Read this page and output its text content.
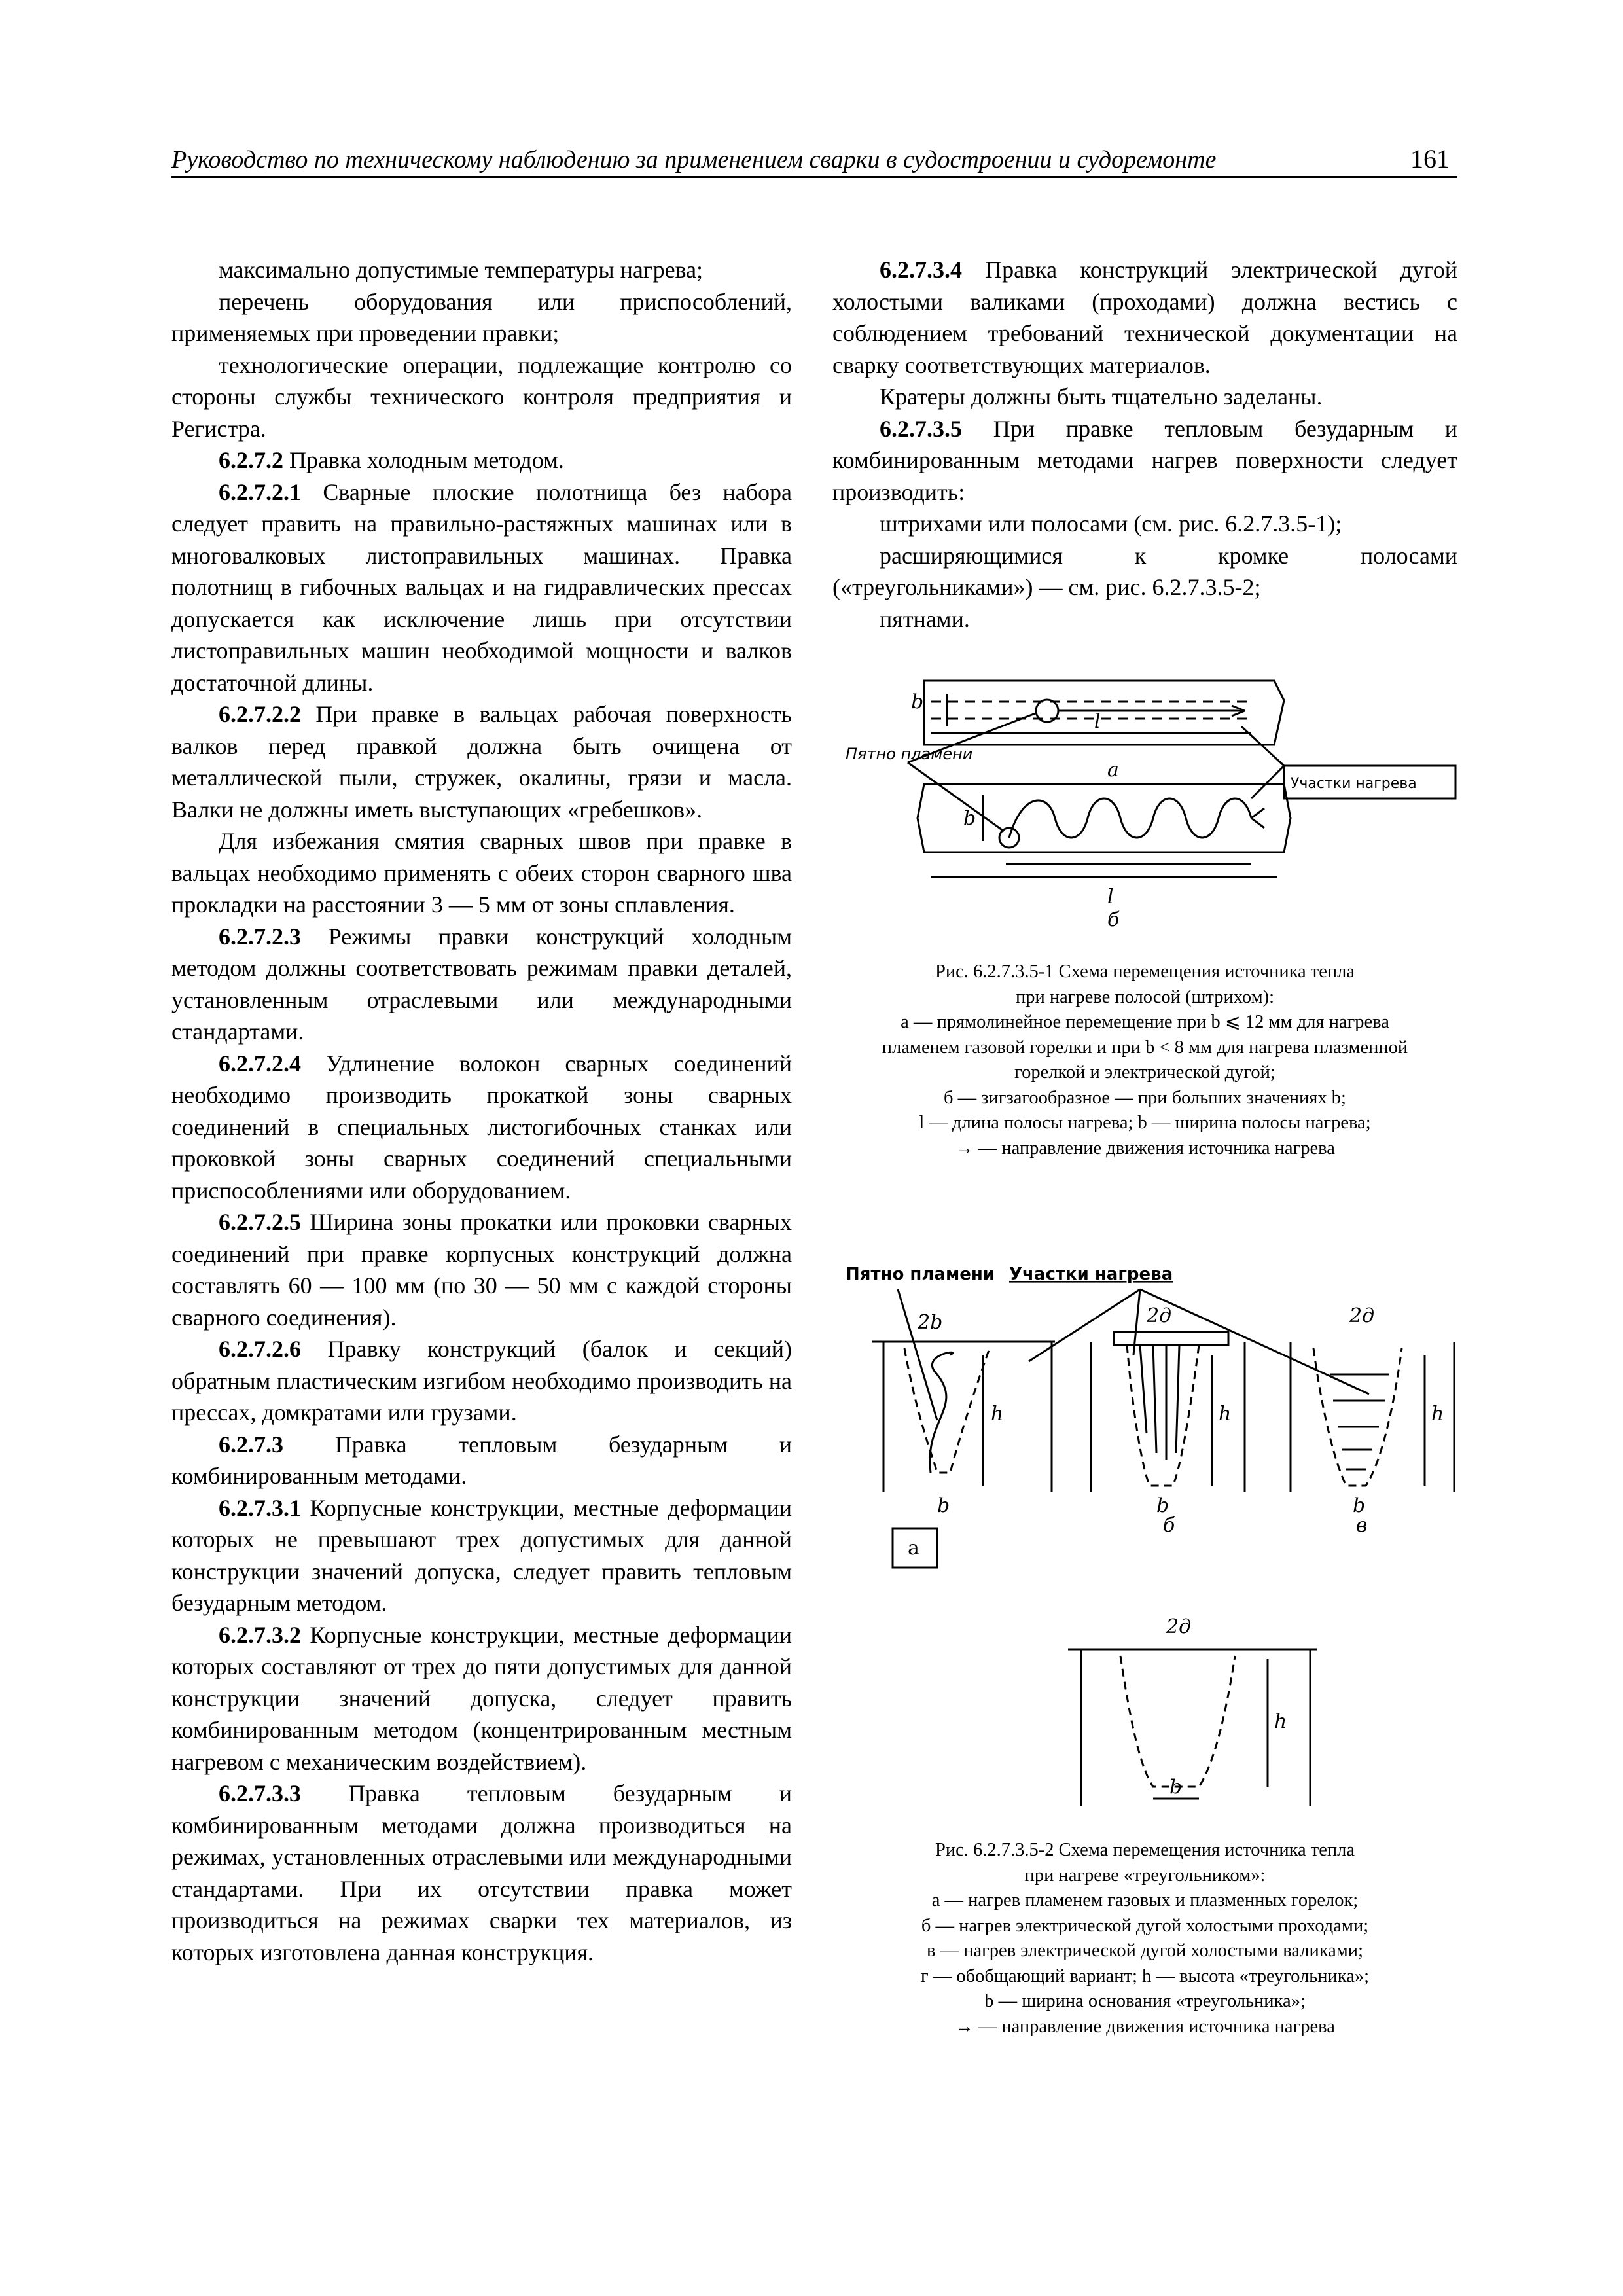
Руководство по техническому наблюдению за применением сварки в судостроении и судоремонте	161

максимально допустимые температуры нагрева;

перечень оборудования или приспособлений, применяемых при проведении правки;

технологические операции, подлежащие контролю со стороны службы технического контроля предприятия и Регистра.

6.2.7.2 Правка холодным методом.

6.2.7.2.1 Сварные плоские полотнища без набора следует править на правильно-растяжных машинах или в многовалковых листоправильных машинах. Правка полотнищ в гибочных вальцах и на гидравлических прессах допускается как исключение лишь при отсутствии листоправильных машин необходимой мощности и валков достаточной длины.

6.2.7.2.2 При правке в вальцах рабочая поверхность валков перед правкой должна быть очищена от металлической пыли, стружек, окалины, грязи и масла. Валки не должны иметь выступающих «гребешков».

Для избежания смятия сварных швов при правке в вальцах необходимо применять с обеих сторон сварного шва прокладки на расстоянии 3 — 5 мм от зоны сплавления.

6.2.7.2.3 Режимы правки конструкций холодным методом должны соответствовать режимам правки деталей, установленным отраслевыми или международными стандартами.

6.2.7.2.4 Удлинение волокон сварных соединений необходимо производить прокаткой зоны сварных соединений в специальных листогибочных станках или проковкой зоны сварных соединений специальными приспособлениями или оборудованием.

6.2.7.2.5 Ширина зоны прокатки или проковки сварных соединений при правке корпусных конструкций должна составлять 60 — 100 мм (по 30 — 50 мм с каждой стороны сварного соединения).

6.2.7.2.6 Правку конструкций (балок и секций) обратным пластическим изгибом необходимо производить на прессах, домкратами или грузами.

6.2.7.3 Правка тепловым безударным и комбинированным методами.

6.2.7.3.1 Корпусные конструкции, местные деформации которых не превышают трех допустимых для данной конструкции значений допуска, следует править тепловым безударным методом.

6.2.7.3.2 Корпусные конструкции, местные деформации которых составляют от трех до пяти допустимых для данной конструкции значений допуска, следует править комбинированным методом (концентрированным местным нагревом с механическим воздействием).

6.2.7.3.3 Правка тепловым безударным и комбинированным методами должна производиться на режимах, установленных отраслевыми или международными стандартами. При их отсутствии правка может производиться на режимах сварки тех материалов, из которых изготовлена данная конструкция.

6.2.7.3.4 Правка конструкций электрической дугой холостыми валиками (проходами) должна вестись с соблюдением требований технической документации на сварку соответствующих материалов.

Кратеры должны быть тщательно заделаны.

6.2.7.3.5 При правке тепловым безударным и комбинированным методами нагрев поверхности следует производить:

штрихами или полосами (см. рис. 6.2.7.3.5-1);

расширяющимися к кромке полосами («треугольниками») — см. рис. 6.2.7.3.5-2;

пятнами.

b
l
Пятно пламени
а
Участки нагрева
b
l
б

Рис. 6.2.7.3.5-1 Схема перемещения источника тепла

при нагреве полосой (штрихом):

а — прямолинейное перемещение при b ⩽ 12 мм для нагрева

пламенем газовой горелки и при b < 8 мм для нагрева плазменной

горелкой и электрической дугой;

б — зигзагообразное — при больших значениях b;

l — длина полосы нагрева; b — ширина полосы нагрева;

→ — направление движения источника нагрева

Пятно пламени Участки нагрева
2b	2д	2д
h	h	h
b	b	b
а
б	в
2д
h
b

Рис. 6.2.7.3.5-2 Схема перемещения источника тепла

при нагреве «треугольником»:

а — нагрев пламенем газовых и плазменных горелок;

б — нагрев электрической дугой холостыми проходами;

в — нагрев электрической дугой холостыми валиками;

г — обобщающий вариант; h — высота «треугольника»;

b — ширина основания «треугольника»;

→ — направление движения источника нагрева
